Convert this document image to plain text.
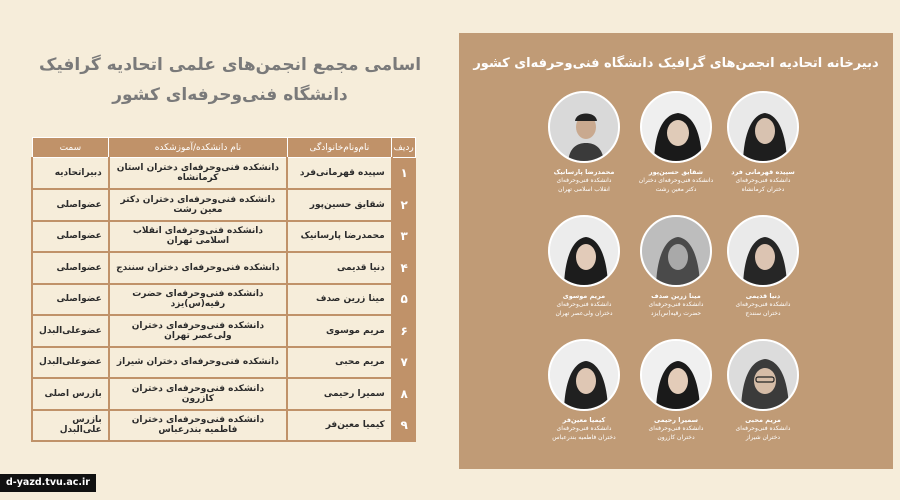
اسامی مجمع انجمن‌های علمی اتحادیه گرافیک
دانشگاه فنی‌وحرفه‌ای کشور
ردیف	نام‌ونام‌خانوادگی	نام دانشکده/آموزشکده	سمت
۱	سپیده قهرمانی‌فرد	دانشکده فنی‌وحرفه‌ای دختران استان کرمانشاه	دبیراتحادیه
۲	شقایق حسین‌پور	دانشکده فنی‌وحرفه‌ای دختران دکتر معین رشت	عضواصلی
۳	محمدرضا پارسانیک	دانشکده فنی‌وحرفه‌ای انقلاب اسلامی تهران	عضواصلی
۴	دنیا قدیمی	دانشکده فنی‌وحرفه‌ای دختران سنندج	عضواصلی
۵	مینا زرین صدف	دانشکده فنی‌وحرفه‌ای حضرت رقیه(س)یزد	عضواصلی
۶	مریم موسوی	دانشکده فنی‌وحرفه‌ای دختران ولی‌عصر تهران	عضوعلی‌البدل
۷	مریم محبی	دانشکده فنی‌وحرفه‌ای دختران شیراز	عضوعلی‌البدل
۸	سمیرا رحیمی	دانشکده فنی‌وحرفه‌ای دختران کازرون	بازرس اصلی
۹	کیمیا معین‌فر	دانشکده فنی‌وحرفه‌ای دختران فاطمیه بندرعباس	بازرس علی‌البدل
دبیرخانه اتحادیه انجمن‌های گرافیک دانشگاه فنی‌وحرفه‌ای کشور
سپیده قهرمانی فرد
دانشکده فنی‌وحرفه‌ای
دختران کرمانشاه
شقایق حسین‌پور
دانشکده فنی‌وحرفه‌ای دختران
دکتر معین رشت
محمدرضا پارسانیک
دانشکده فنی‌وحرفه‌ای
انقلاب اسلامی تهران
دنیا قدیمی
دانشکده فنی‌وحرفه‌ای
دختران سنندج
مینا زرین صدف
دانشکده فنی‌وحرفه‌ای
حضرت رقیه(س)یزد
مریم موسوی
دانشکده فنی‌وحرفه‌ای
دختران ولی‌عصر تهران
مریم محبی
دانشکده فنی‌وحرفه‌ای
دختران شیراز
سمیرا رحیمی
دانشکده فنی‌وحرفه‌ای
دختران کازرون
کیمیا معین‌فر
دانشکده فنی‌وحرفه‌ای
دختران فاطمیه بندرعباس
d-yazd.tvu.ac.ir
